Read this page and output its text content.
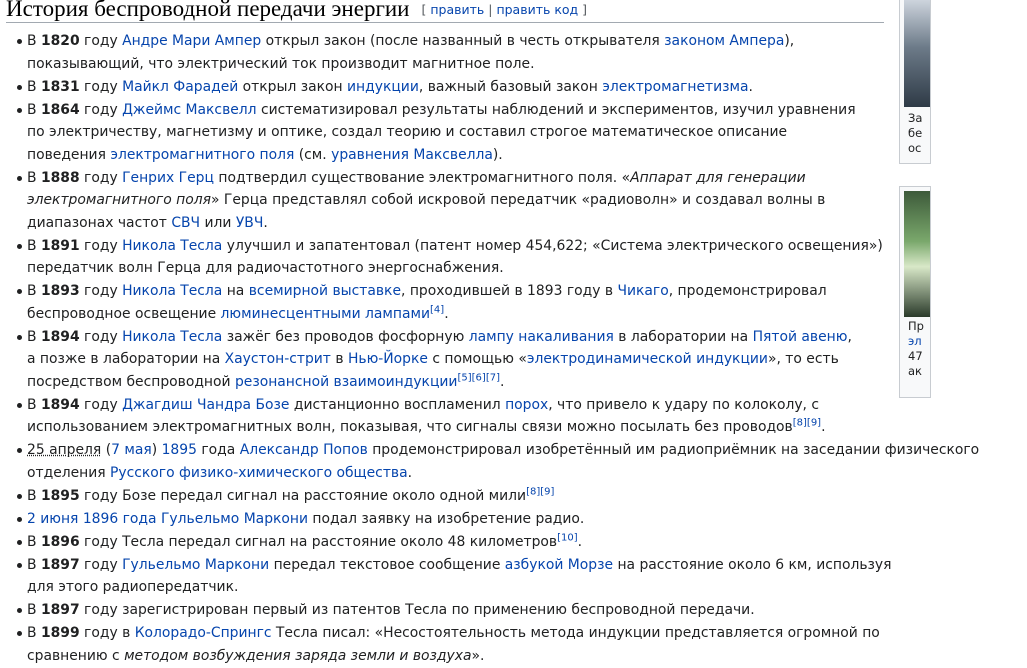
История беспроводной передачи энергии [ править | править код ]
В 1820 году Андре Мари Ампер открыл закон (после названный в честь открывателя законом Ампера), показывающий, что электрический ток производит магнитное поле.
В 1831 году Майкл Фарадей открыл закон индукции, важный базовый закон электромагнетизма.
В 1864 году Джеймс Максвелл систематизировал результаты наблюдений и экспериментов, изучил уравнения по электричеству, магнетизму и оптике, создал теорию и составил строгое математическое описание поведения электромагнитного поля (см. уравнения Максвелла).
В 1888 году Генрих Герц подтвердил существование электромагнитного поля. «Аппарат для генерации электромагнитного поля» Герца представлял собой искровой передатчик «радиоволн» и создавал волны в диапазонах частот СВЧ или УВЧ.
В 1891 году Никола Тесла улучшил и запатентовал (патент номер 454,622; «Система электрического освещения») передатчик волн Герца для радиочастотного энергоснабжения.
В 1893 году Никола Тесла на всемирной выставке, проходившей в 1893 году в Чикаго, продемонстрировал беспроводное освещение люминесцентными лампами[4].
В 1894 году Никола Тесла зажёг без проводов фосфорную лампу накаливания в лаборатории на Пятой авеню, а позже в лаборатории на Хаустон-стрит в Нью-Йорке с помощью «электродинамической индукции», то есть посредством беспроводной резонансной взаимоиндукции[5][6][7].
В 1894 году Джагдиш Чандра Бозе дистанционно воспламенил порох, что привело к удару по колоколу, с использованием электромагнитных волн, показывая, что сигналы связи можно посылать без проводов[8][9].
25 апреля (7 мая) 1895 года Александр Попов продемонстрировал изобретённый им радиоприёмник на заседании физического отделения Русского физико-химического общества.
В 1895 году Бозе передал сигнал на расстояние около одной мили[8][9]
2 июня 1896 года Гульельмо Маркони подал заявку на изобретение радио.
В 1896 году Тесла передал сигнал на расстояние около 48 километров[10].
В 1897 году Гульельмо Маркони передал текстовое сообщение азбукой Морзе на расстояние около 6 км, используя для этого радиопередатчик.
В 1897 году зарегистрирован первый из патентов Тесла по применению беспроводной передачи.
В 1899 году в Колорадо-Спрингс Тесла писал: «Несостоятельность метода индукции представляется огромной по сравнению с методом возбуждения заряда земли и воздуха».
За
бе
ос
Пр
эл
47
ак
